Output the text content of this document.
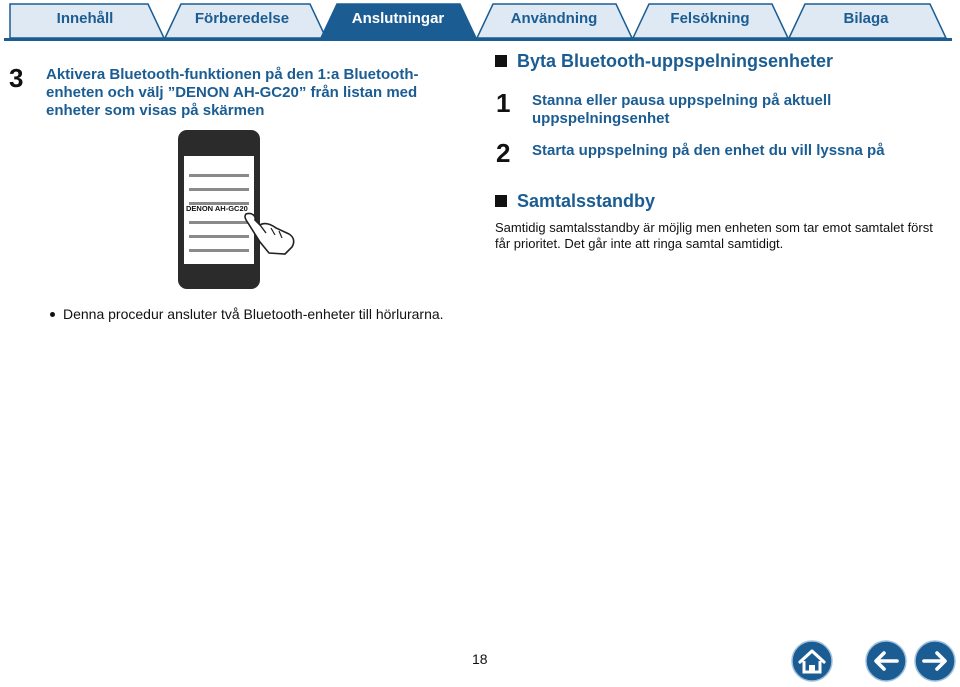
Innehåll	Förberedelse	Anslutningar	Användning	Felsökning	Bilaga
3 Aktivera Bluetooth-funktionen på den 1:a Bluetooth-enheten och välj ”DENON AH-GC20” från listan med enheter som visas på skärmen
DENON AH-GC20
Denna procedur ansluter två Bluetooth-enheter till hörlurarna.
Byta Bluetooth-uppspelningsenheter
1 Stanna eller pausa uppspelning på aktuell uppspelningsenhet
2 Starta uppspelning på den enhet du vill lyssna på
Samtalsstandby
Samtidig samtalsstandby är möjlig men enheten som tar emot samtalet först får prioritet. Det går inte att ringa samtal samtidigt.
18
